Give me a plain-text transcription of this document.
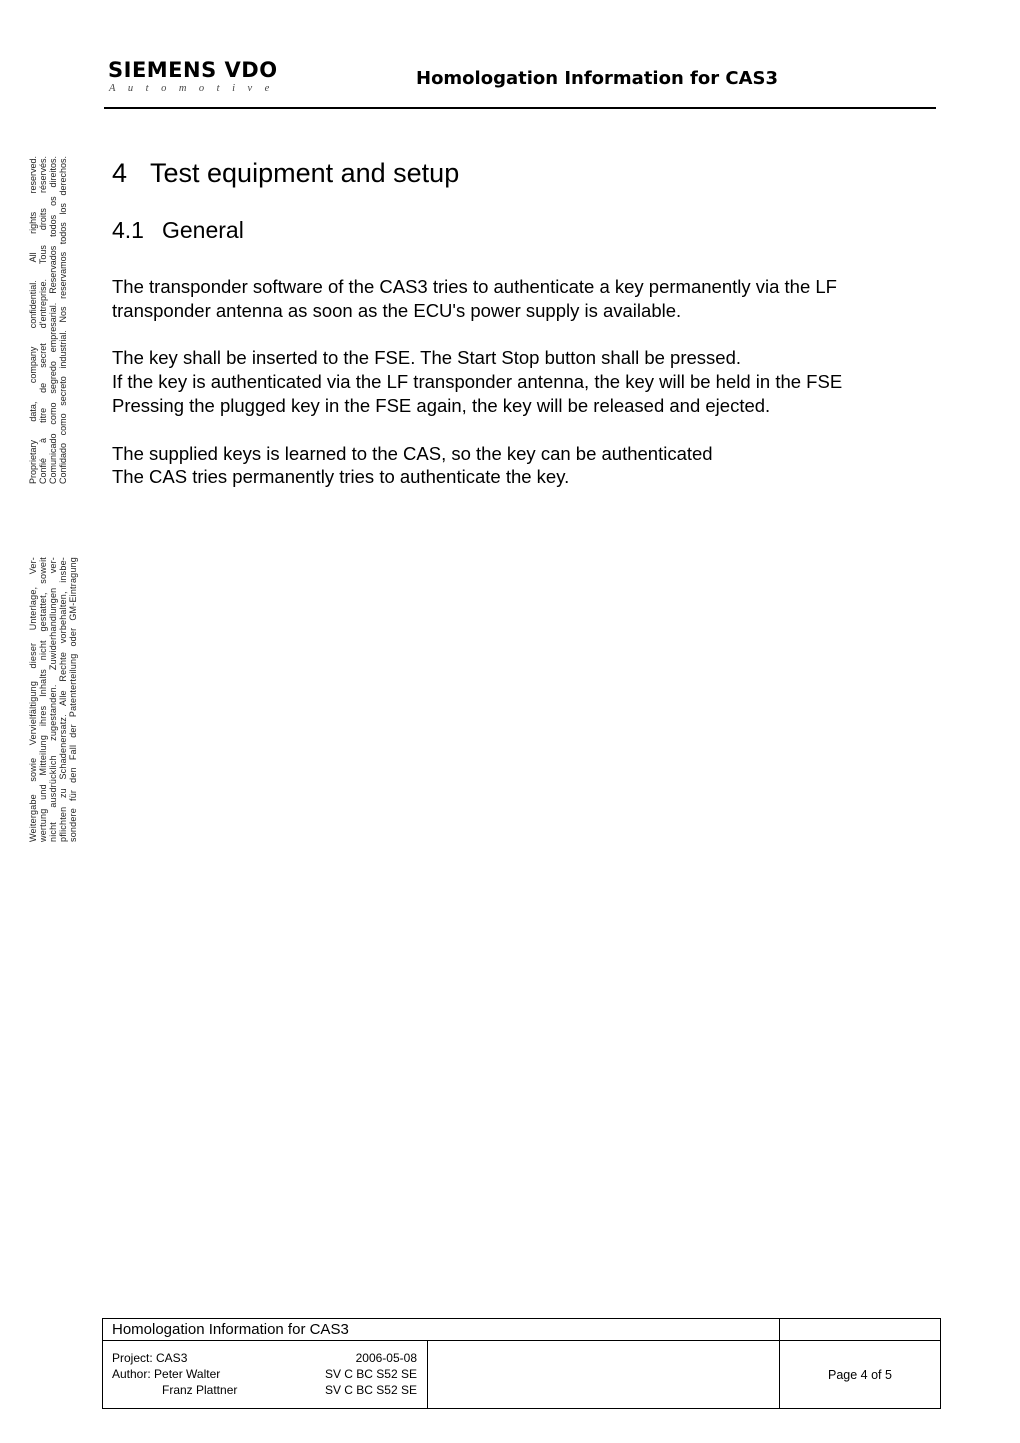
SIEMENS VDO
Automotive	Homologation Information for CAS3
Proprietary data, company confidential. All rights reserved. Confié à titre de secret d'entreprise. Tous droits réservés. Comunicado como segredo empresarial. Reservados todos os direitos. Confidado como secreto industrial. Nos reservamos todos los derechos.
Weitergabe sowie Vervielfältigung dieser Unterlage, Ver- wertung und Mitteilung ihres Inhalts nicht gestattet, soweit nicht ausdrücklich zugestanden. Zuwiderhandlungen ver- pflichten zu Schadenersatz. Alle Rechte vorbehalten, insbe- sondere für den Fall der Patenterteilung oder GM-Eintragung
4 Test equipment and setup
4.1 General

The transponder software of the CAS3 tries to authenticate a key permanently via the LF
transponder antenna as soon as the ECU's power supply is available.

The key shall be inserted to the FSE. The Start Stop button shall be pressed.
If the key is authenticated via the LF transponder antenna, the key will be held in the FSE
Pressing the plugged key in the FSE again, the key will be released and ejected.

The supplied keys is learned to the CAS, so the key can be authenticated
The CAS tries permanently tries to authenticate the key.

Homologation Information for CAS3
Project: CAS3	2006-05-08
Author: Peter Walter	SV C BC S52 SE
Franz Plattner	SV C BC S52 SE
Page 4 of 5
